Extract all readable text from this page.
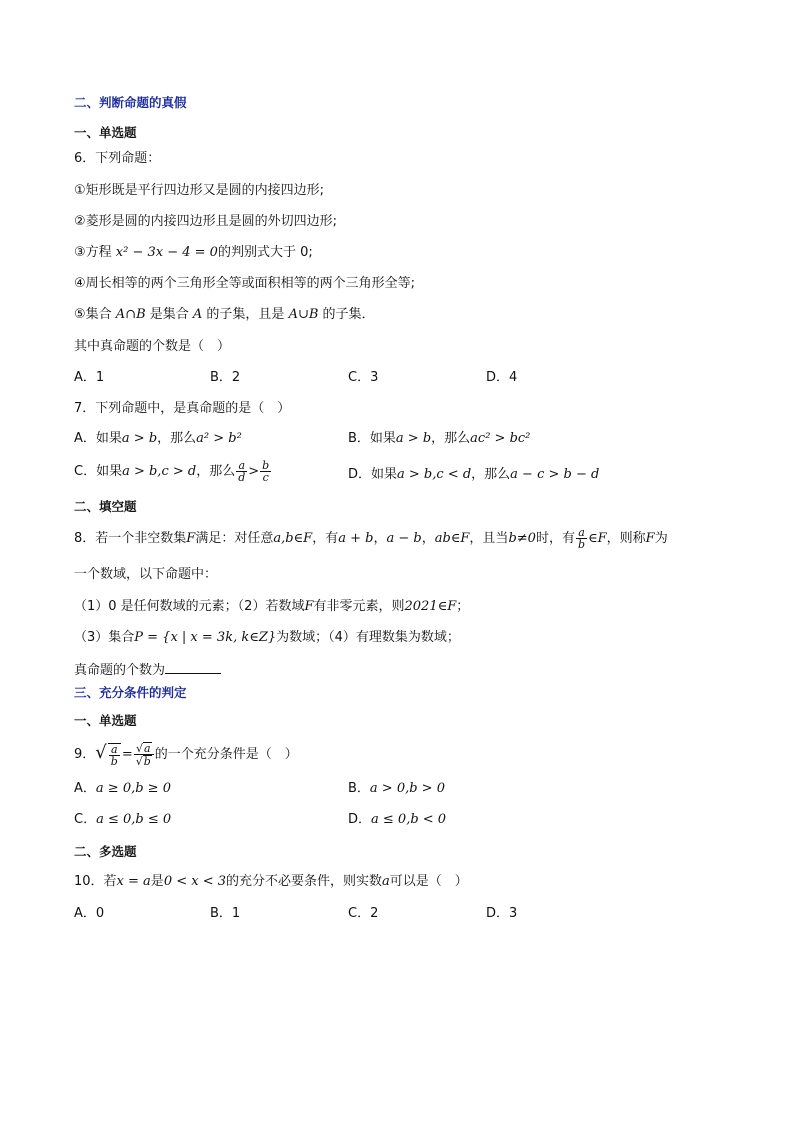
二、判断命题的真假
一、单选题
6．下列命题：
①矩形既是平行四边形又是圆的内接四边形;
②菱形是圆的内接四边形且是圆的外切四边形;
③方程 x² − 3x − 4 = 0的判别式大于 0;
④周长相等的两个三角形全等或面积相等的两个三角形全等;
⑤集合 A∩B 是集合 A 的子集，且是 A∪B 的子集．
其中真命题的个数是（　）
A．1	B．2	C．3	D．4
7．下列命题中，是真命题的是（　）
A．如果a > b，那么a² > b²	B．如果a > b，那么ac² > bc²
C．如果a > b,c > d，那么 $\frac{a}{d} > \frac{b}{c}$	D．如果a > b,c < d，那么a − c > b − d
二、填空题
8．若一个非空数集F满足：对任意a,b∈F，有a + b，a − b，ab∈F，且当b≠0时，有 $\frac{a}{b}$ ∈F，则称F为
一个数域，以下命题中：
（1）0 是任何数域的元素；（2）若数域F有非零元素，则2021∈F；
（3）集合P = {x | x = 3k, k∈Z}为数域；（4）有理数集为数域；
真命题的个数为
三、充分条件的判定
一、单选题
9．√ $\frac{a}{b} = \frac{√a}{√b}$ 的一个充分条件是（　）
A．a ≥ 0,b ≥ 0	B．a > 0,b > 0
C．a ≤ 0,b ≤ 0	D．a ≤ 0,b < 0
二、多选题
10．若x = a是0 < x < 3的充分不必要条件，则实数a可以是（　）
A．0	B．1	C．2	D．3
